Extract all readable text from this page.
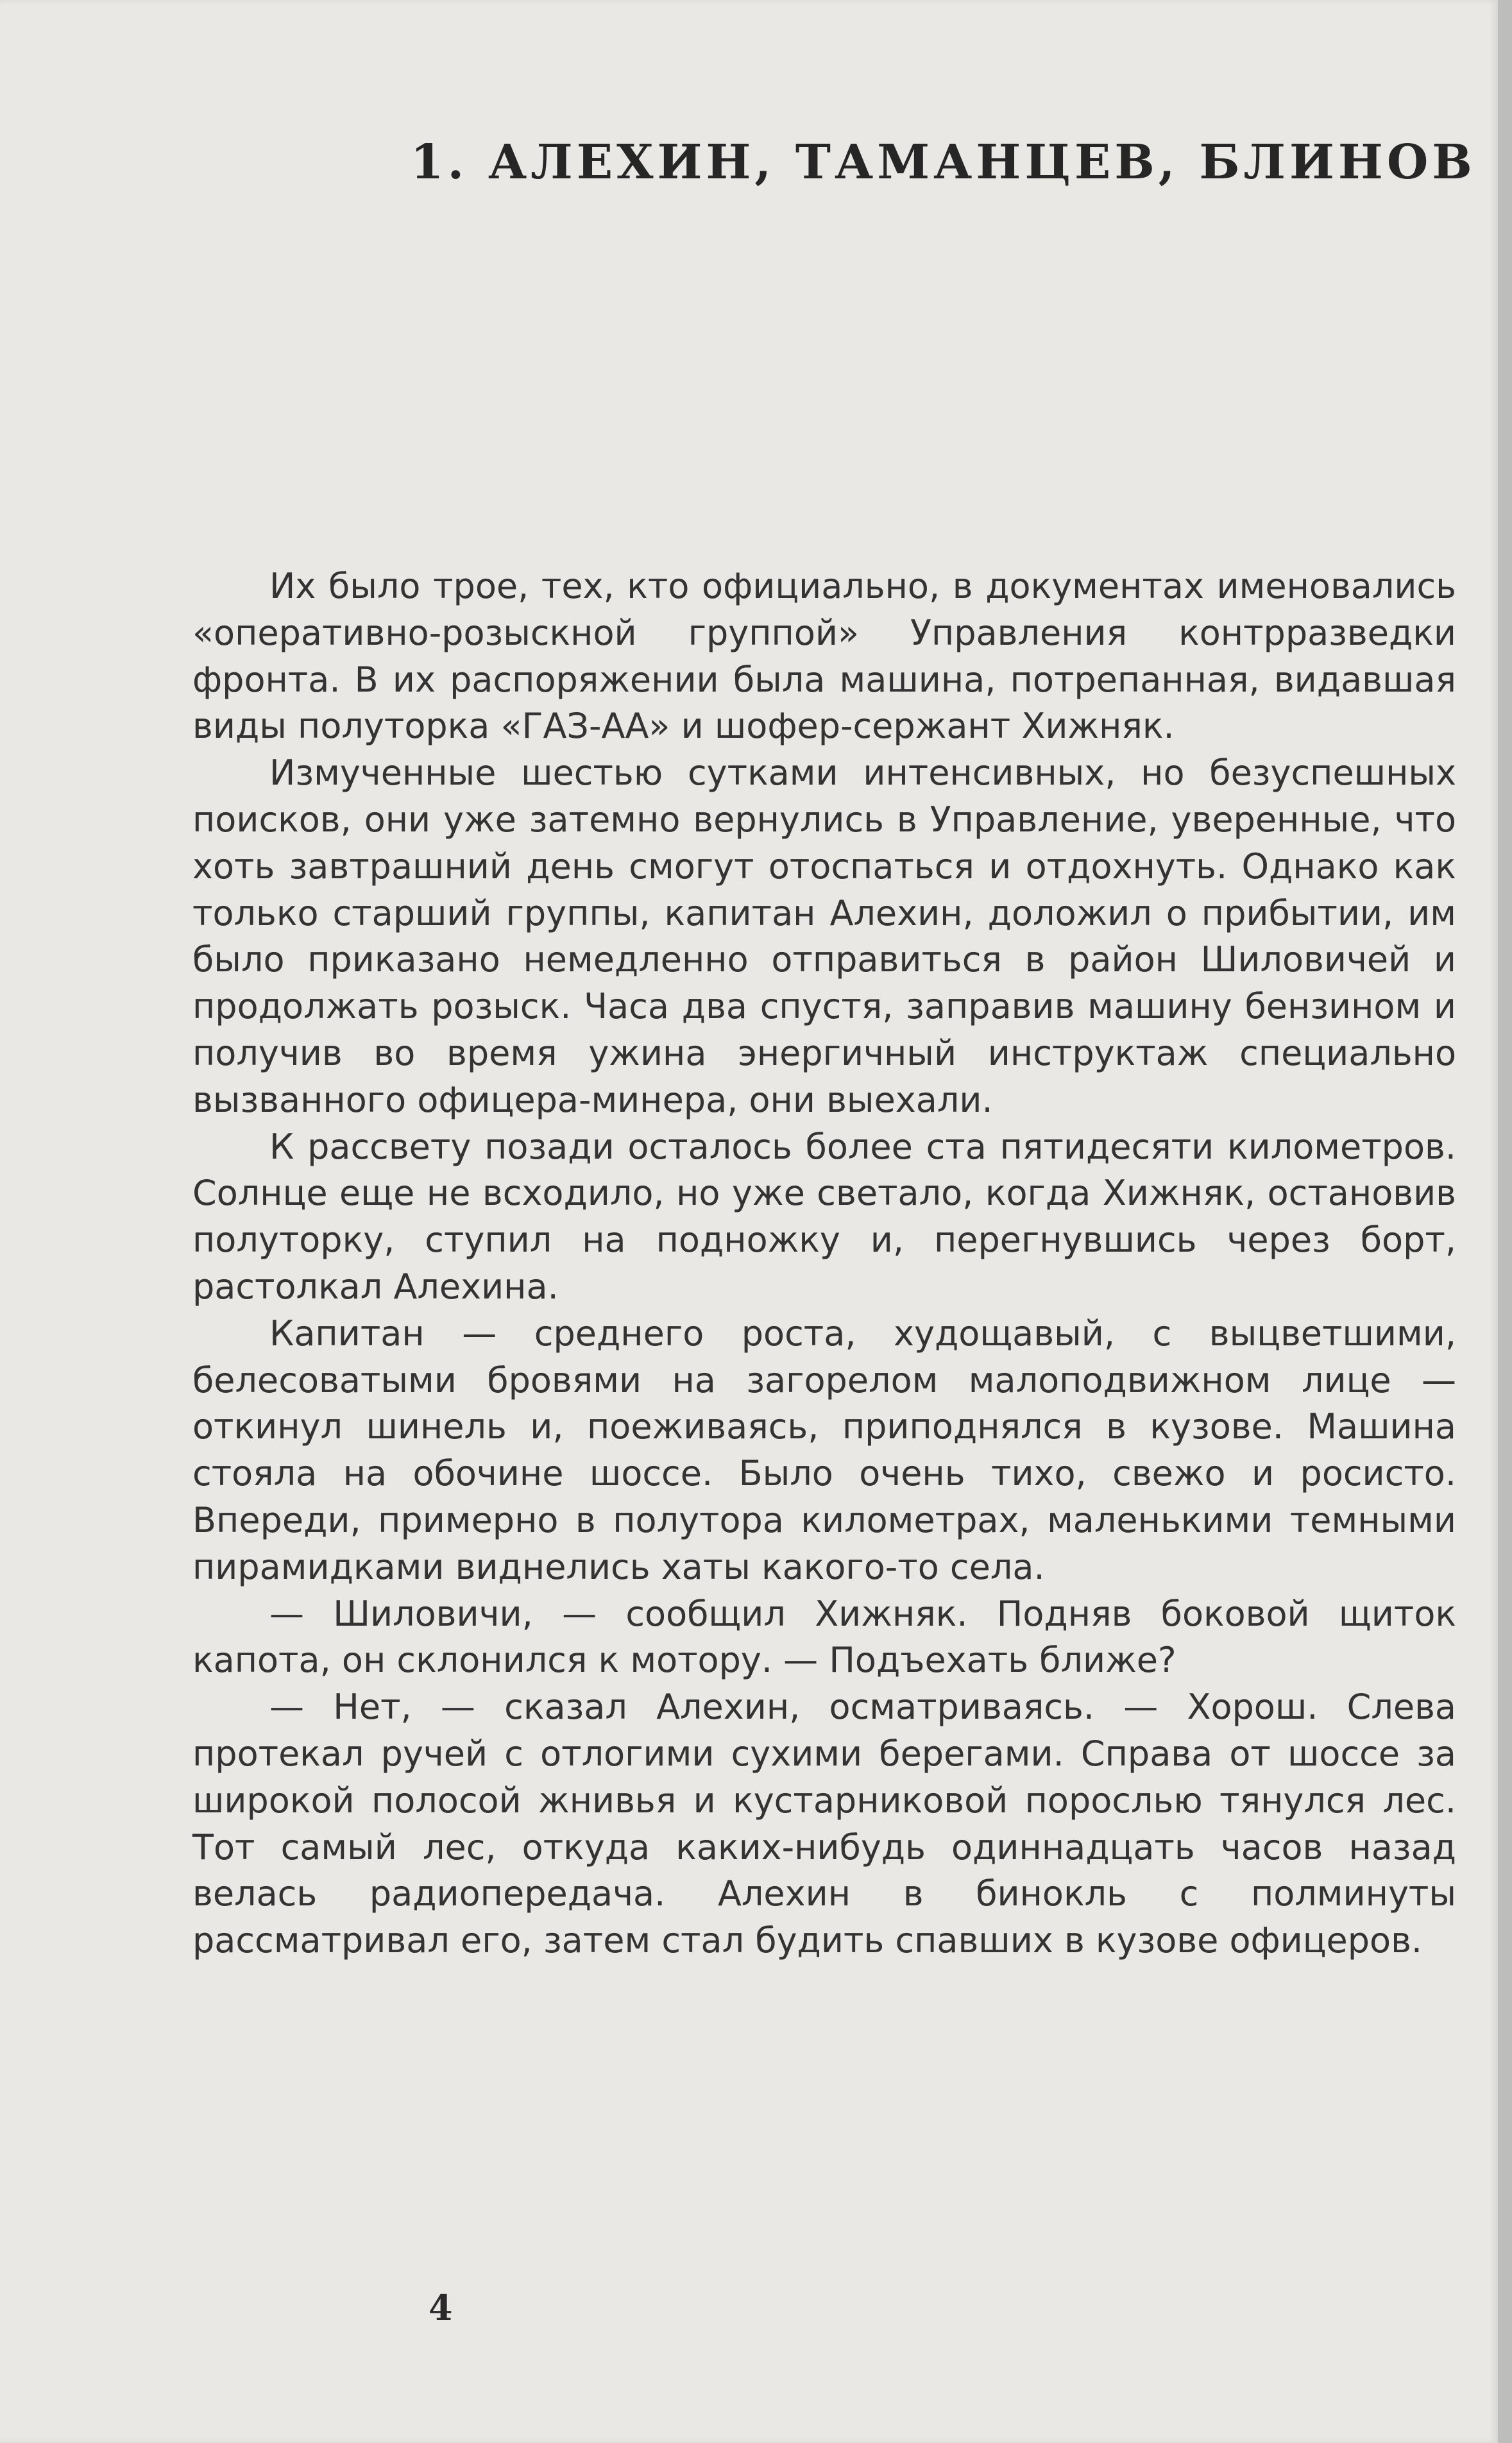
1. АЛЕХИН, ТАМАНЦЕВ, БЛИНОВ

Их было трое, тех, кто официально, в документах именовались «оперативно-розыскной группой» Управления контрразведки фронта. В их распоряжении была машина, потрепанная, видавшая виды полуторка «ГАЗ-АА» и шофер-сержант Хижняк.

Измученные шестью сутками интенсивных, но безуспешных поисков, они уже затемно вернулись в Управление, уверенные, что хоть завтрашний день смогут отоспаться и отдохнуть. Однако как только старший группы, капитан Алехин, доложил о прибытии, им было приказано немедленно отправиться в район Шиловичей и продолжать розыск. Часа два спустя, заправив машину бензином и получив во время ужина энергичный инструктаж специально вызванного офицера-минера, они выехали.

К рассвету позади осталось более ста пятидесяти километров. Солнце еще не всходило, но уже светало, когда Хижняк, остановив полуторку, ступил на подножку и, перегнувшись через борт, растолкал Алехина.

Капитан — среднего роста, худощавый, с выцветшими, белесоватыми бровями на загорелом малоподвижном лице — откинул шинель и, поеживаясь, приподнялся в кузове. Машина стояла на обочине шоссе. Было очень тихо, свежо и росисто. Впереди, примерно в полутора километрах, маленькими темными пирамидками виднелись хаты какого-то села.

— Шиловичи, — сообщил Хижняк. Подняв боковой щиток капота, он склонился к мотору. — Подъехать ближе?

— Нет, — сказал Алехин, осматриваясь. — Хорош. Слева протекал ручей с отлогими сухими берегами. Справа от шоссе за широкой полосой жнивья и кустарниковой порослью тянулся лес. Тот самый лес, откуда каких-нибудь одиннадцать часов назад велась радиопередача. Алехин в бинокль с полминуты рассматривал его, затем стал будить спавших в кузове офицеров.

4
